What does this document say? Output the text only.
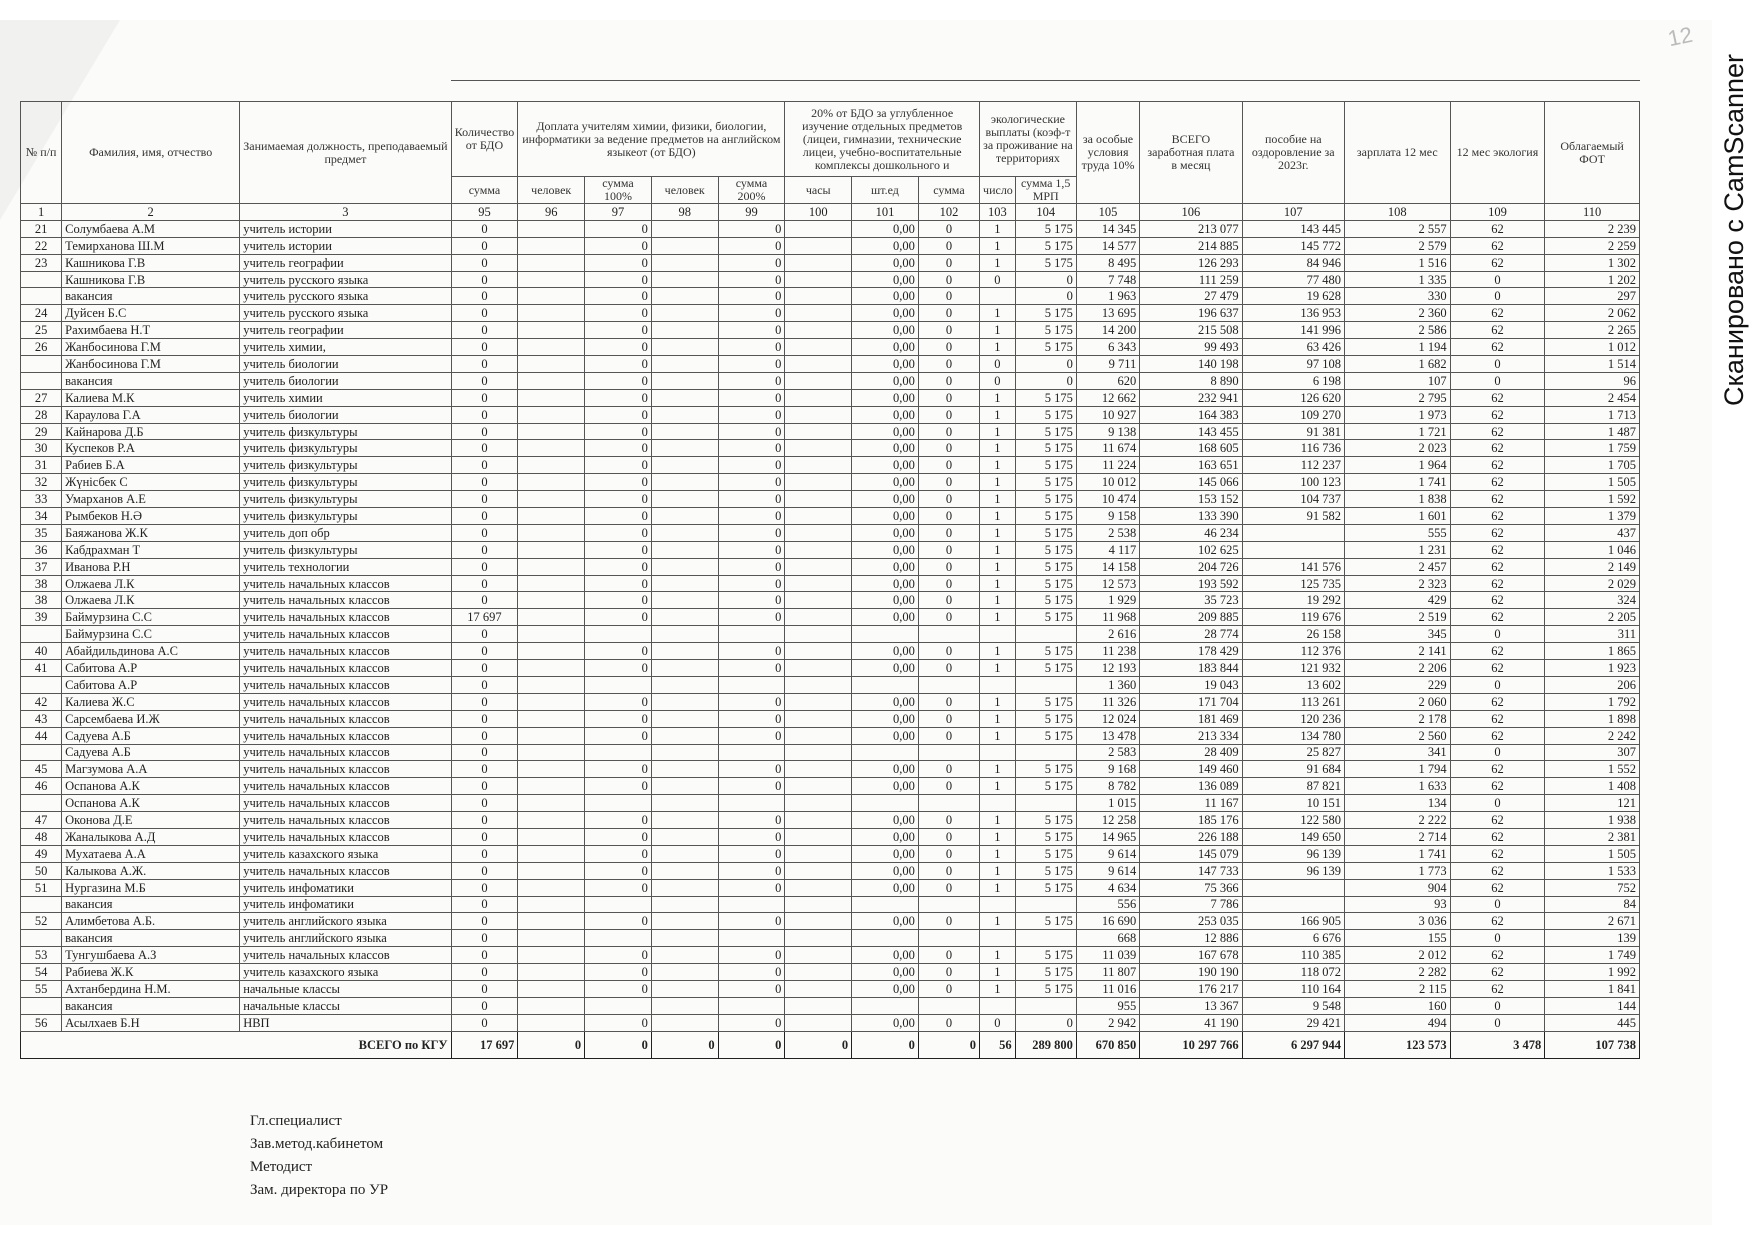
12
Сканировано с CamScanner

№ п/п	Фамилия, имя, отчество	Занимаемая должность, преподаваемый предмет	Количество от БДО	Доплата учителям химии, физики, биологии, информатики за ведение предметов на английском языкеот (от БДО)				20% от БДО за углубленное изучение отдельных предметов (лицеи, гимназии, технические лицеи, учебно-воспитательные комплексы дошкольного и			экологические выплаты (коэф-т за проживание на территориях		за особые условия труда 10%	ВСЕГО заработная плата в месяц	пособие на оздоровление за 2023г.	зарплата 12 мес	12 мес экология	Облагаемый ФОТ
			сумма	человек	сумма 100%	человек	сумма 200%	часы	шт.ед	сумма	число	сумма 1,5 МРП						
1	2	3	95	96	97	98	99	100	101	102	103	104	105	106	107	108	109	110
21	Солумбаева А.М	учитель истории	0		0		0		0,00	0	1	5 175	14 345	213 077	143 445	2 557	62	2 239
22	Темирханова Ш.М	учитель истории	0		0		0		0,00	0	1	5 175	14 577	214 885	145 772	2 579	62	2 259
23	Кашникова Г.В	учитель географии	0		0		0		0,00	0	1	5 175	8 495	126 293	84 946	1 516	62	1 302
	Кашникова Г.В	учитель русского языка	0		0		0		0,00	0	0	0	7 748	111 259	77 480	1 335	0	1 202
	вакансия	учитель русского языка	0		0		0		0,00	0		0	1 963	27 479	19 628	330	0	297
24	Дуйсен Б.С	учитель русского языка	0		0		0		0,00	0	1	5 175	13 695	196 637	136 953	2 360	62	2 062
25	Рахимбаева Н.Т	учитель географии	0		0		0		0,00	0	1	5 175	14 200	215 508	141 996	2 586	62	2 265
26	Жанбосинова Г.М	учитель химии,	0		0		0		0,00	0	1	5 175	6 343	99 493	63 426	1 194	62	1 012
	Жанбосинова Г.М	учитель биологии	0		0		0		0,00	0	0	0	9 711	140 198	97 108	1 682	0	1 514
	вакансия	учитель биологии	0		0		0		0,00	0	0	0	620	8 890	6 198	107	0	96
27	Калиева М.К	учитель химии	0		0		0		0,00	0	1	5 175	12 662	232 941	126 620	2 795	62	2 454
28	Караулова Г.А	учитель биологии	0		0		0		0,00	0	1	5 175	10 927	164 383	109 270	1 973	62	1 713
29	Кайнарова Д.Б	учитель физкультуры	0		0		0		0,00	0	1	5 175	9 138	143 455	91 381	1 721	62	1 487
30	Куспеков Р.А	учитель физкультуры	0		0		0		0,00	0	1	5 175	11 674	168 605	116 736	2 023	62	1 759
31	Рабиев Б.А	учитель физкультуры	0		0		0		0,00	0	1	5 175	11 224	163 651	112 237	1 964	62	1 705
32	Жүнісбек С	учитель физкультуры	0		0		0		0,00	0	1	5 175	10 012	145 066	100 123	1 741	62	1 505
33	Умарханов А.Е	учитель физкультуры	0		0		0		0,00	0	1	5 175	10 474	153 152	104 737	1 838	62	1 592
34	Рымбеков Н.Ә	учитель физкультуры	0		0		0		0,00	0	1	5 175	9 158	133 390	91 582	1 601	62	1 379
35	Баяжанова Ж.К	учитель доп обр	0		0		0		0,00	0	1	5 175	2 538	46 234		555	62	437
36	Кабдрахман Т	учитель физкультуры	0		0		0		0,00	0	1	5 175	4 117	102 625		1 231	62	1 046
37	Иванова Р.Н	учитель технологии	0		0		0		0,00	0	1	5 175	14 158	204 726	141 576	2 457	62	2 149
38	Олжаева Л.К	учитель начальных классов	0		0		0		0,00	0	1	5 175	12 573	193 592	125 735	2 323	62	2 029
38	Олжаева Л.К	учитель начальных классов	0		0		0		0,00	0	1	5 175	1 929	35 723	19 292	429	62	324
39	Баймурзина С.С	учитель начальных классов	17 697		0		0		0,00	0	1	5 175	11 968	209 885	119 676	2 519	62	2 205
	Баймурзина С.С	учитель начальных классов	0										2 616	28 774	26 158	345	0	311
40	Абайдильдинова А.С	учитель начальных классов	0		0		0		0,00	0	1	5 175	11 238	178 429	112 376	2 141	62	1 865
41	Сабитова А.Р	учитель начальных классов	0		0		0		0,00	0	1	5 175	12 193	183 844	121 932	2 206	62	1 923
	Сабитова А.Р	учитель начальных классов	0										1 360	19 043	13 602	229	0	206
42	Калиева Ж.С	учитель начальных классов	0		0		0		0,00	0	1	5 175	11 326	171 704	113 261	2 060	62	1 792
43	Сарсембаева И.Ж	учитель начальных классов	0		0		0		0,00	0	1	5 175	12 024	181 469	120 236	2 178	62	1 898
44	Садуева А.Б	учитель начальных классов	0		0		0		0,00	0	1	5 175	13 478	213 334	134 780	2 560	62	2 242
	Садуева А.Б	учитель начальных классов	0										2 583	28 409	25 827	341	0	307
45	Магзумова А.А	учитель начальных классов	0		0		0		0,00	0	1	5 175	9 168	149 460	91 684	1 794	62	1 552
46	Оспанова А.К	учитель начальных классов	0		0		0		0,00	0	1	5 175	8 782	136 089	87 821	1 633	62	1 408
	Оспанова А.К	учитель начальных классов	0										1 015	11 167	10 151	134	0	121
47	Оконова Д.Е	учитель начальных классов	0		0		0		0,00	0	1	5 175	12 258	185 176	122 580	2 222	62	1 938
48	Жаналыкова А.Д	учитель начальных классов	0		0		0		0,00	0	1	5 175	14 965	226 188	149 650	2 714	62	2 381
49	Мухатаева А.А	учитель казахского языка	0		0		0		0,00	0	1	5 175	9 614	145 079	96 139	1 741	62	1 505
50	Калыкова А.Ж.	учитель начальных классов	0		0		0		0,00	0	1	5 175	9 614	147 733	96 139	1 773	62	1 533
51	Нургазина М.Б	учитель инфоматики	0		0		0		0,00	0	1	5 175	4 634	75 366		904	62	752
	вакансия	учитель инфоматики	0										556	7 786		93	0	84
52	Алимбетова А.Б.	учитель английского языка	0		0		0		0,00	0	1	5 175	16 690	253 035	166 905	3 036	62	2 671
	вакансия	учитель английского языка	0										668	12 886	6 676	155	0	139
53	Тунгушбаева А.З	учитель начальных классов	0		0		0		0,00	0	1	5 175	11 039	167 678	110 385	2 012	62	1 749
54	Рабиева Ж.К	учитель казахского языка	0		0		0		0,00	0	1	5 175	11 807	190 190	118 072	2 282	62	1 992
55	Ахтанбердина Н.М.	начальные классы	0		0		0		0,00	0	1	5 175	11 016	176 217	110 164	2 115	62	1 841
	вакансия	начальные классы	0										955	13 367	9 548	160	0	144
56	Асылхаев Б.Н	НВП	0		0		0		0,00	0	0	0	2 942	41 190	29 421	494	0	445
ВСЕГО по КГУ			17 697	0	0	0	0	0	0	0	56	289 800	670 850	10 297 766	6 297 944	123 573	3 478	107 738
Гл.специалист
Зав.метод.кабинетом
Методист
Зам. директора по УР
